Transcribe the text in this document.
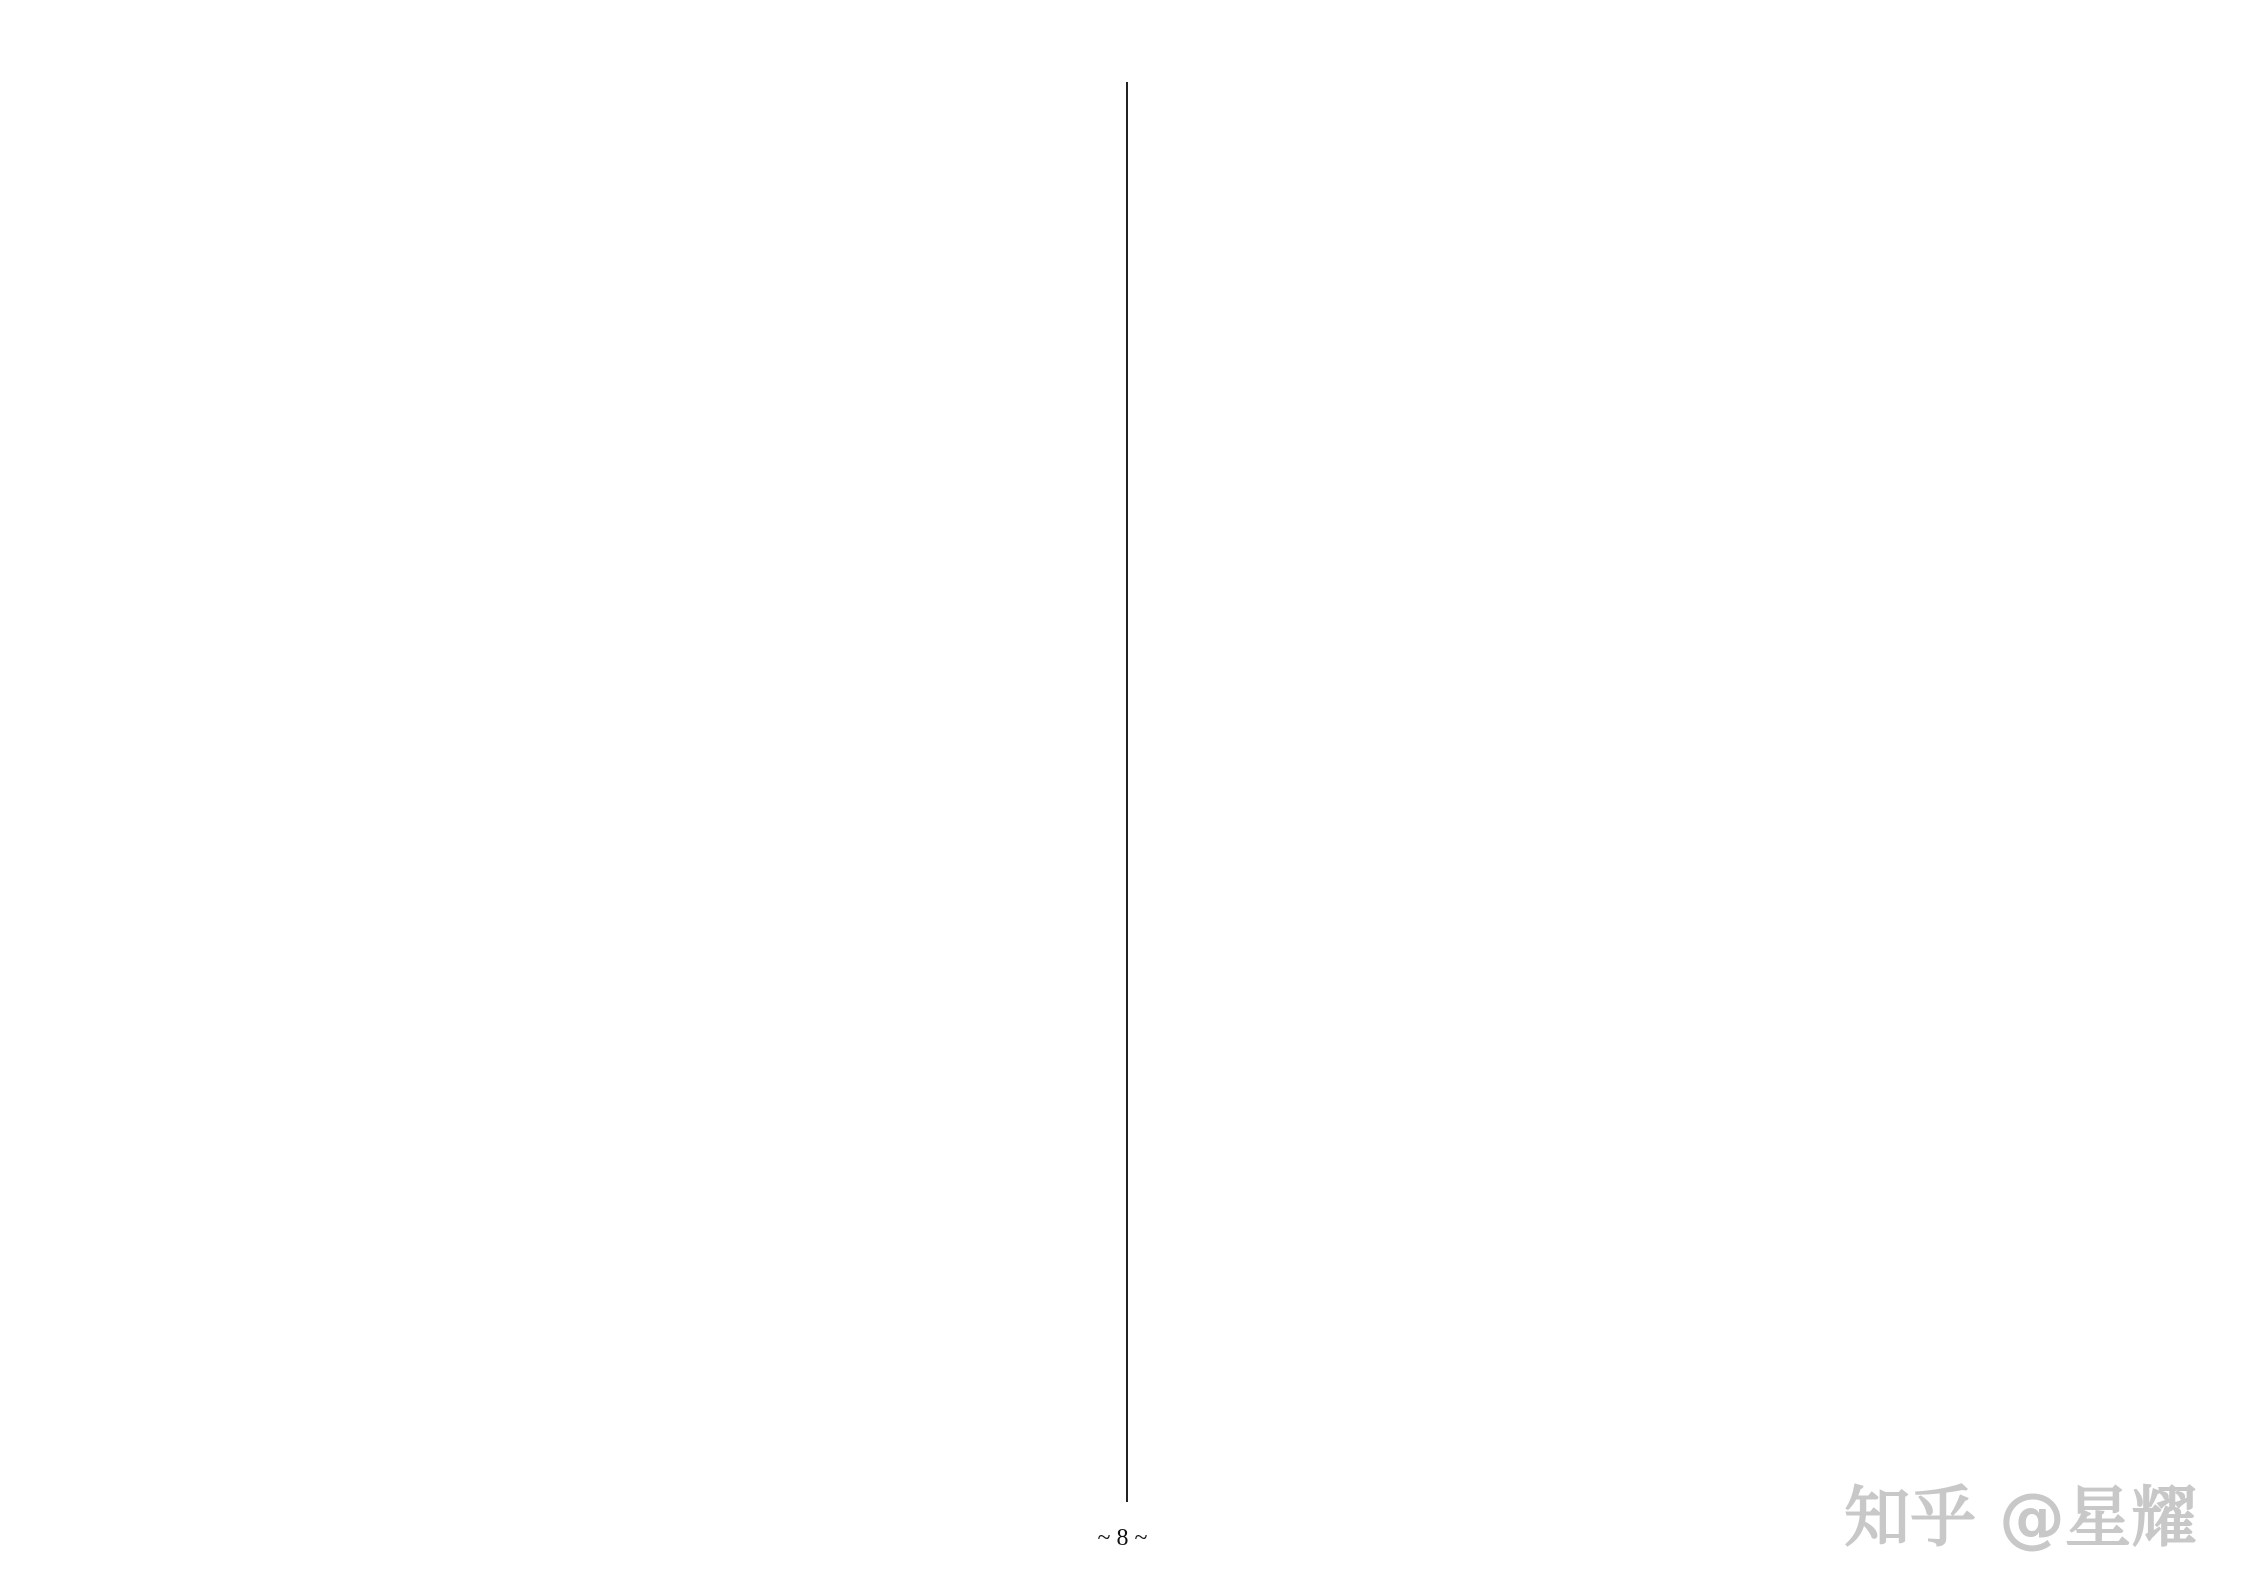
~ 8 ~	知乎 @星耀
